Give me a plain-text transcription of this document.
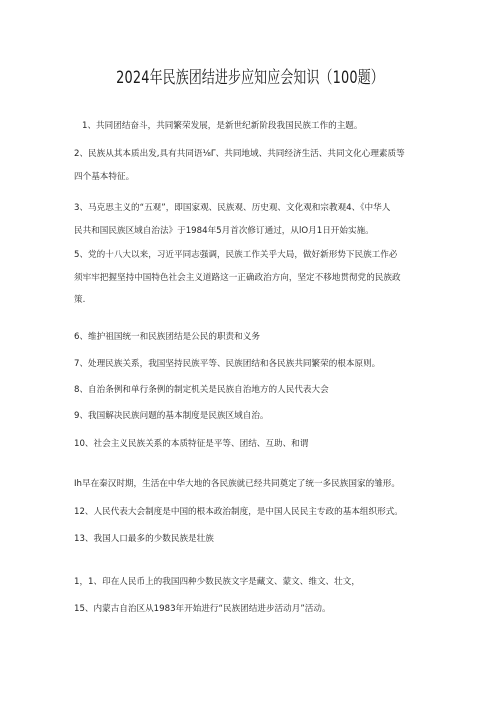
2024年民族团结进步应知应会知识（100题）
1、共同团结奋斗，共同繁荣发展，是新世纪新阶段我国民族工作的主题。
2、民族从其本质出发,具有共同语⅛Γ、共同地域、共同经济生活、共同文化心理素质等
四个基本特征。
3、马克思主义的“五观”，即国家观、民族观、历史观、文化观和宗教观4、《中华人
民共和国民族区域自治法》于1984年5月首次修订通过，从lO月1日开始实施。
5、党的十八大以来，习近平同志强调，民族工作关乎大局，做好新形势下民族工作必
须牢牢把握坚持中国特色社会主义道路这一正确政治方向，坚定不移地贯彻党的民族政
策.
6、维护祖国统一和民族团结是公民的职责和义务
7、处理民族关系，我国坚持民族平等、民族团结和各民族共同繁荣的根本原则。
8、自治条例和单行条例的制定机关是民族自治地方的人民代表大会
9、我国解决民族问题的基本制度是民族区域自治。
10、社会主义民族关系的本质特征是平等、团结、互助、和谓
Ih早在秦汉时期，生活在中华大地的各民族就已经共同奠定了统一多民族国家的雏形。
12、人民代表大会制度是中国的根本政治制度，是中国人民民主专政的基本组织形式。
13、我国人口最多的少数民族是壮族
1，1、印在人民币上的我国四种少数民族文字是藏文、蒙文、维文、壮文，
15、内蒙古自治区从1983年开始进行“民族团结进步活动月”活动。
